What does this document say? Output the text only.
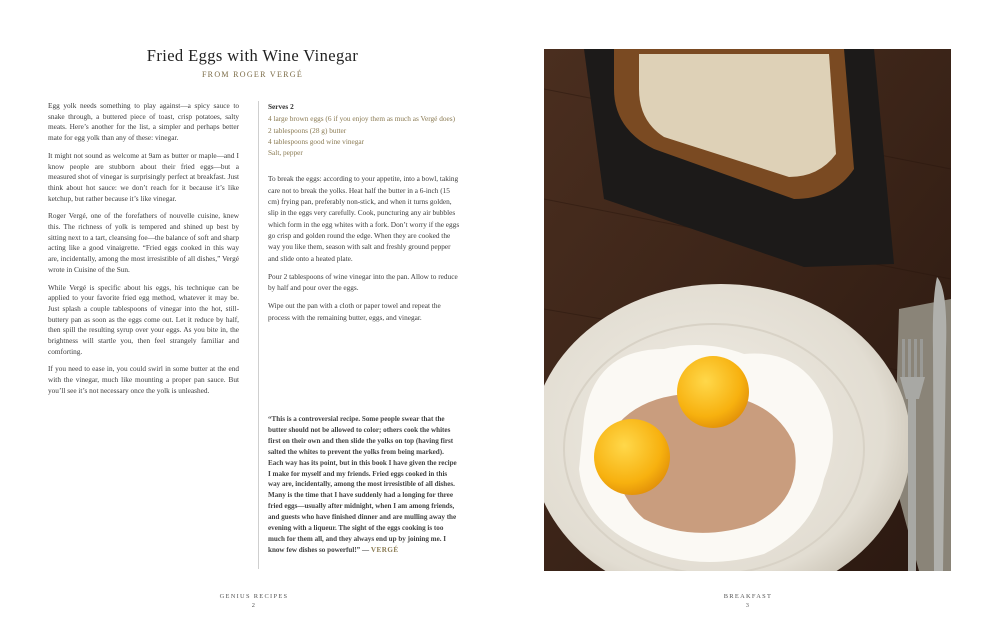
Fried Eggs with Wine Vinegar
FROM ROGER VERGÉ

Egg yolk needs something to play against—a spicy sauce to snake through, a buttered piece of toast, crisp potatoes, salty meats. Here’s another for the list, a simpler and perhaps better mate for egg yolk than any of these: vinegar.

It might not sound as welcome at 9am as butter or maple—and I know people are stubborn about their fried eggs—but a measured shot of vinegar is surprisingly perfect at breakfast. Just think about hot sauce: we don’t reach for it because it’s like ketchup, but rather because it’s like vinegar.

Roger Vergé, one of the forefathers of nouvelle cuisine, knew this. The richness of yolk is tempered and shined up best by sitting next to a tart, cleansing foe—the balance of soft and sharp acting like a good vinaigrette. “Fried eggs cooked in this way are, incidentally, among the most irresistible of all dishes,” Vergé wrote in Cuisine of the Sun.

While Vergé is specific about his eggs, his technique can be applied to your favorite fried egg method, whatever it may be. Just splash a couple tablespoons of vinegar into the hot, still-buttery pan as soon as the eggs come out. Let it reduce by half, then spill the resulting syrup over your eggs. As you bite in, the brightness will startle you, then feel strangely familiar and comforting.

If you need to ease in, you could swirl in some butter at the end with the vinegar, much like mounting a proper pan sauce. But you’ll see it’s not necessary once the yolk is unleashed.

Serves 2
4 large brown eggs (6 if you enjoy them as much as Vergé does)
2 tablespoons (28 g) butter
4 tablespoons good wine vinegar
Salt, pepper

To break the eggs: according to your appetite, into a bowl, taking care not to break the yolks. Heat half the butter in a 6-inch (15 cm) frying pan, preferably non-stick, and when it turns golden, slip in the eggs very carefully. Cook, puncturing any air bubbles which form in the egg whites with a fork. Don’t worry if the eggs go crisp and golden round the edge. When they are cooked the way you like them, season with salt and freshly ground pepper and slide onto a heated plate.

Pour 2 tablespoons of wine vinegar into the pan. Allow to reduce by half and pour over the eggs.

Wipe out the pan with a cloth or paper towel and repeat the process with the remaining butter, eggs, and vinegar.

“This is a controversial recipe. Some people swear that the butter should not be allowed to color; others cook the whites first on their own and then slide the yolks on top (having first salted the whites to prevent the yolks from being marked). Each way has its point, but in this book I have given the recipe I make for myself and my friends. Fried eggs cooked in this way are, incidentally, among the most irresistible of all dishes. Many is the time that I have suddenly had a longing for three fried eggs—usually after midnight, when I am among friends, and guests who have finished dinner and are mulling away the evening with a liqueur. The sight of the eggs cooking is too much for them all, and they always end up by joining me. I know few dishes so powerful!” — VERGÉ

GENIUS RECIPES
2
BREAKFAST
3
